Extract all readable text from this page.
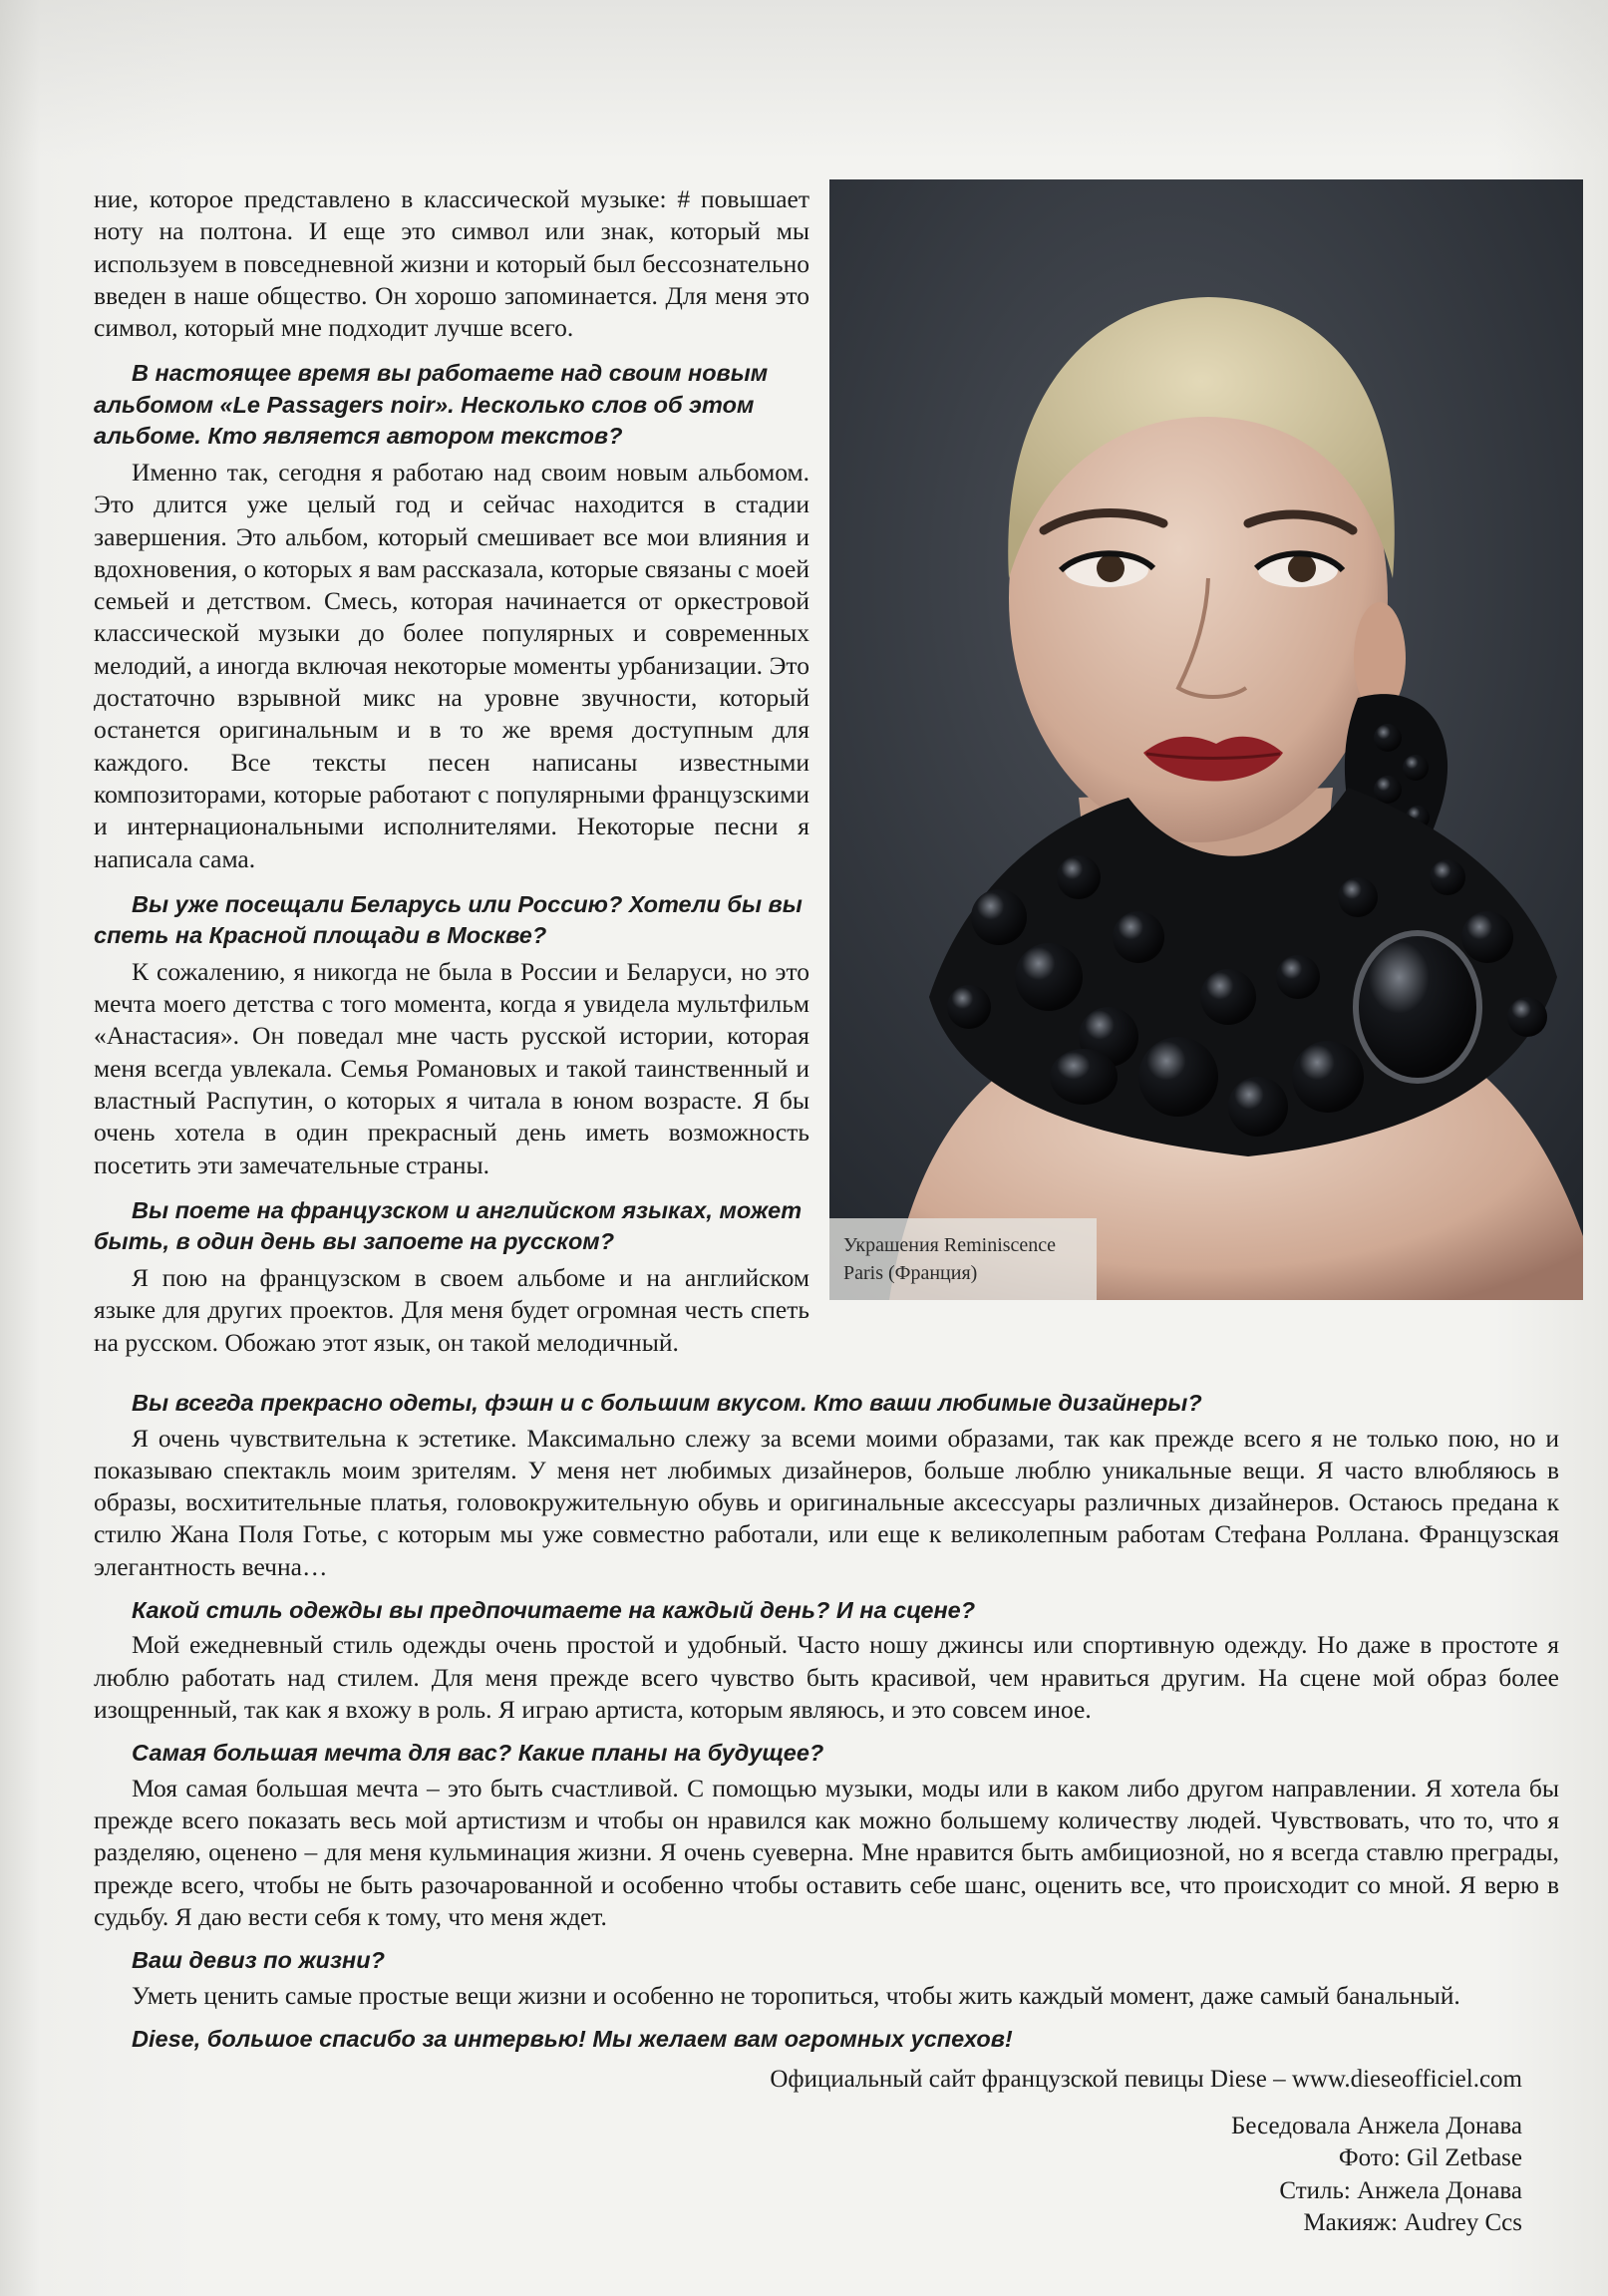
ние, которое представлено в классической музыке: # повышает ноту на полтона. И еще это символ или знак, который мы используем в повседневной жизни и который был бессознательно введен в наше общество. Он хорошо запоминается. Для меня это символ, который мне подходит лучше всего.

В настоящее время вы работаете над своим новым альбомом «Le Passagers noir». Несколько слов об этом альбоме. Кто является автором текстов?

Именно так, сегодня я работаю над своим новым альбомом. Это длится уже целый год и сейчас находится в стадии завершения. Это альбом, который смешивает все мои влияния и вдохновения, о которых я вам рассказала, которые связаны с моей семьей и детством. Смесь, которая начинается от оркестровой классической музыки до более популярных и современных мелодий, а иногда включая некоторые моменты урбанизации. Это достаточно взрывной микс на уровне звучности, который останется оригинальным и в то же время доступным для каждого. Все тексты песен написаны известными композиторами, которые работают с популярными французскими и интернациональными исполнителями. Некоторые песни я написала сама.

Вы уже посещали Беларусь или Россию? Хотели бы вы спеть на Красной площади в Москве?

К сожалению, я никогда не была в России и Беларуси, но это мечта моего детства с того момента, когда я увидела мультфильм «Анастасия». Он поведал мне часть русской истории, которая меня всегда увлекала. Семья Романовых и такой таинственный и властный Распутин, о которых я читала в юном возрасте. Я бы очень хотела в один прекрасный день иметь возможность посетить эти замечательные страны.

Вы поете на французском и английском языках, может быть, в один день вы запоете на русском?

Я пою на французском в своем альбоме и на английском языке для других проектов. Для меня будет огромная честь спеть на русском. Обожаю этот язык, он такой мелодичный.

Украшения Reminiscence
Paris (Франция)

Вы всегда прекрасно одеты, фэшн и с большим вкусом. Кто ваши любимые дизайнеры?

Я очень чувствительна к эстетике. Максимально слежу за всеми моими образами, так как прежде всего я не только пою, но и показываю спектакль моим зрителям. У меня нет любимых дизайнеров, больше люблю уникальные вещи. Я часто влюбляюсь в образы, восхитительные платья, головокружительную обувь и оригинальные аксессуары различных дизайнеров. Остаюсь предана к стилю Жана Поля Готье, с которым мы уже совместно работали, или еще к великолепным работам Стефана Роллана. Французская элегантность вечна…

Какой стиль одежды вы предпочитаете на каждый день? И на сцене?

Мой ежедневный стиль одежды очень простой и удобный. Часто ношу джинсы или спортивную одежду. Но даже в простоте я люблю работать над стилем. Для меня прежде всего чувство быть красивой, чем нравиться другим. На сцене мой образ более изощренный, так как я вхожу в роль. Я играю артиста, которым являюсь, и это совсем иное.

Самая большая мечта для вас? Какие планы на будущее?

Моя самая большая мечта – это быть счастливой. С помощью музыки, моды или в каком либо другом направлении. Я хотела бы прежде всего показать весь мой артистизм и чтобы он нравился как можно большему количеству людей. Чувствовать, что то, что я разделяю, оценено – для меня кульминация жизни. Я очень суеверна. Мне нравится быть амбициозной, но я всегда ставлю преграды, прежде всего, чтобы не быть разочарованной и особенно чтобы оставить себе шанс, оценить все, что происходит со мной. Я верю в судьбу. Я даю вести себя к тому, что меня ждет.

Ваш девиз по жизни?

Уметь ценить самые простые вещи жизни и особенно не торопиться, чтобы жить каждый момент, даже самый банальный.

Diese, большое спасибо за интервью! Мы желаем вам огромных успехов!

Официальный сайт французской певицы Diese – www.dieseofficiel.com
Беседовала Анжела Донава
Фото: Gil Zetbase
Стиль: Анжела Донава
Макияж: Audrey Ccs
